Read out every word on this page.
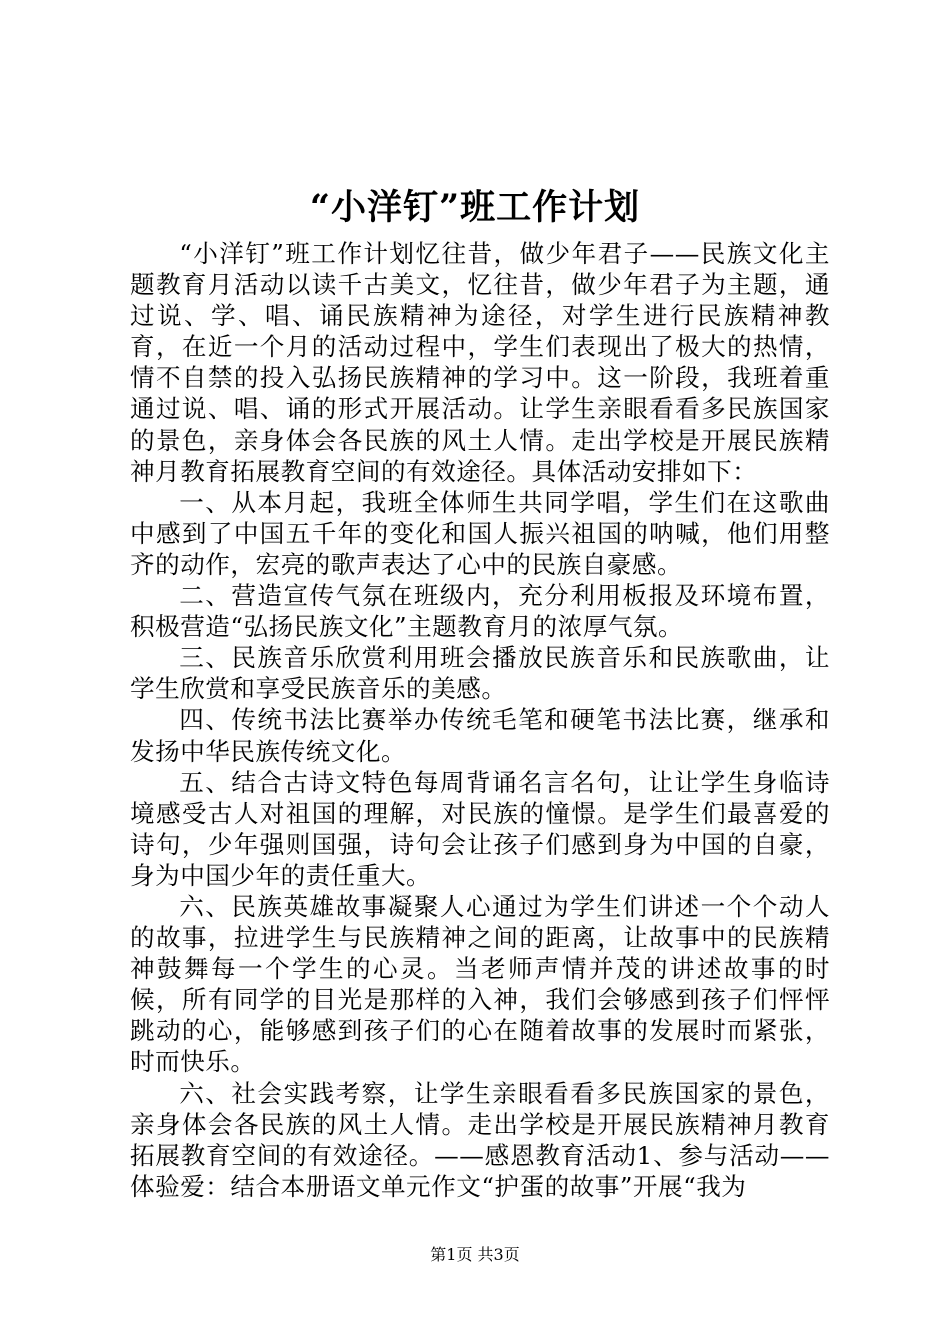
“小洋钉”班工作计划

“小洋钉”班工作计划忆往昔，做少年君子——民族文化主题教育月活动以读千古美文，忆往昔，做少年君子为主题，通过说、学、唱、诵民族精神为途径，对学生进行民族精神教育，在近一个月的活动过程中，学生们表现出了极大的热情，情不自禁的投入弘扬民族精神的学习中。这一阶段，我班着重通过说、唱、诵的形式开展活动。让学生亲眼看看多民族国家的景色，亲身体会各民族的风土人情。走出学校是开展民族精神月教育拓展教育空间的有效途径。具体活动安排如下：

一、从本月起，我班全体师生共同学唱，学生们在这歌曲中感到了中国五千年的变化和国人振兴祖国的呐喊，他们用整齐的动作，宏亮的歌声表达了心中的民族自豪感。

二、营造宣传气氛在班级内，充分利用板报及环境布置，积极营造“弘扬民族文化”主题教育月的浓厚气氛。

三、民族音乐欣赏利用班会播放民族音乐和民族歌曲，让学生欣赏和享受民族音乐的美感。

四、传统书法比赛举办传统毛笔和硬笔书法比赛，继承和发扬中华民族传统文化。

五、结合古诗文特色每周背诵名言名句，让让学生身临诗境感受古人对祖国的理解，对民族的憧憬。是学生们最喜爱的诗句，少年强则国强，诗句会让孩子们感到身为中国的自豪，身为中国少年的责任重大。

六、民族英雄故事凝聚人心通过为学生们讲述一个个动人的故事，拉进学生与民族精神之间的距离，让故事中的民族精神鼓舞每一个学生的心灵。当老师声情并茂的讲述故事的时候，所有同学的目光是那样的入神，我们会够感到孩子们怦怦跳动的心，能够感到孩子们的心在随着故事的发展时而紧张，时而快乐。

六、社会实践考察，让学生亲眼看看多民族国家的景色，亲身体会各民族的风土人情。走出学校是开展民族精神月教育拓展教育空间的有效途径。——感恩教育活动1、参与活动——体验爱：结合本册语文单元作文“护蛋的故事”开展“我为

第1页 共3页
